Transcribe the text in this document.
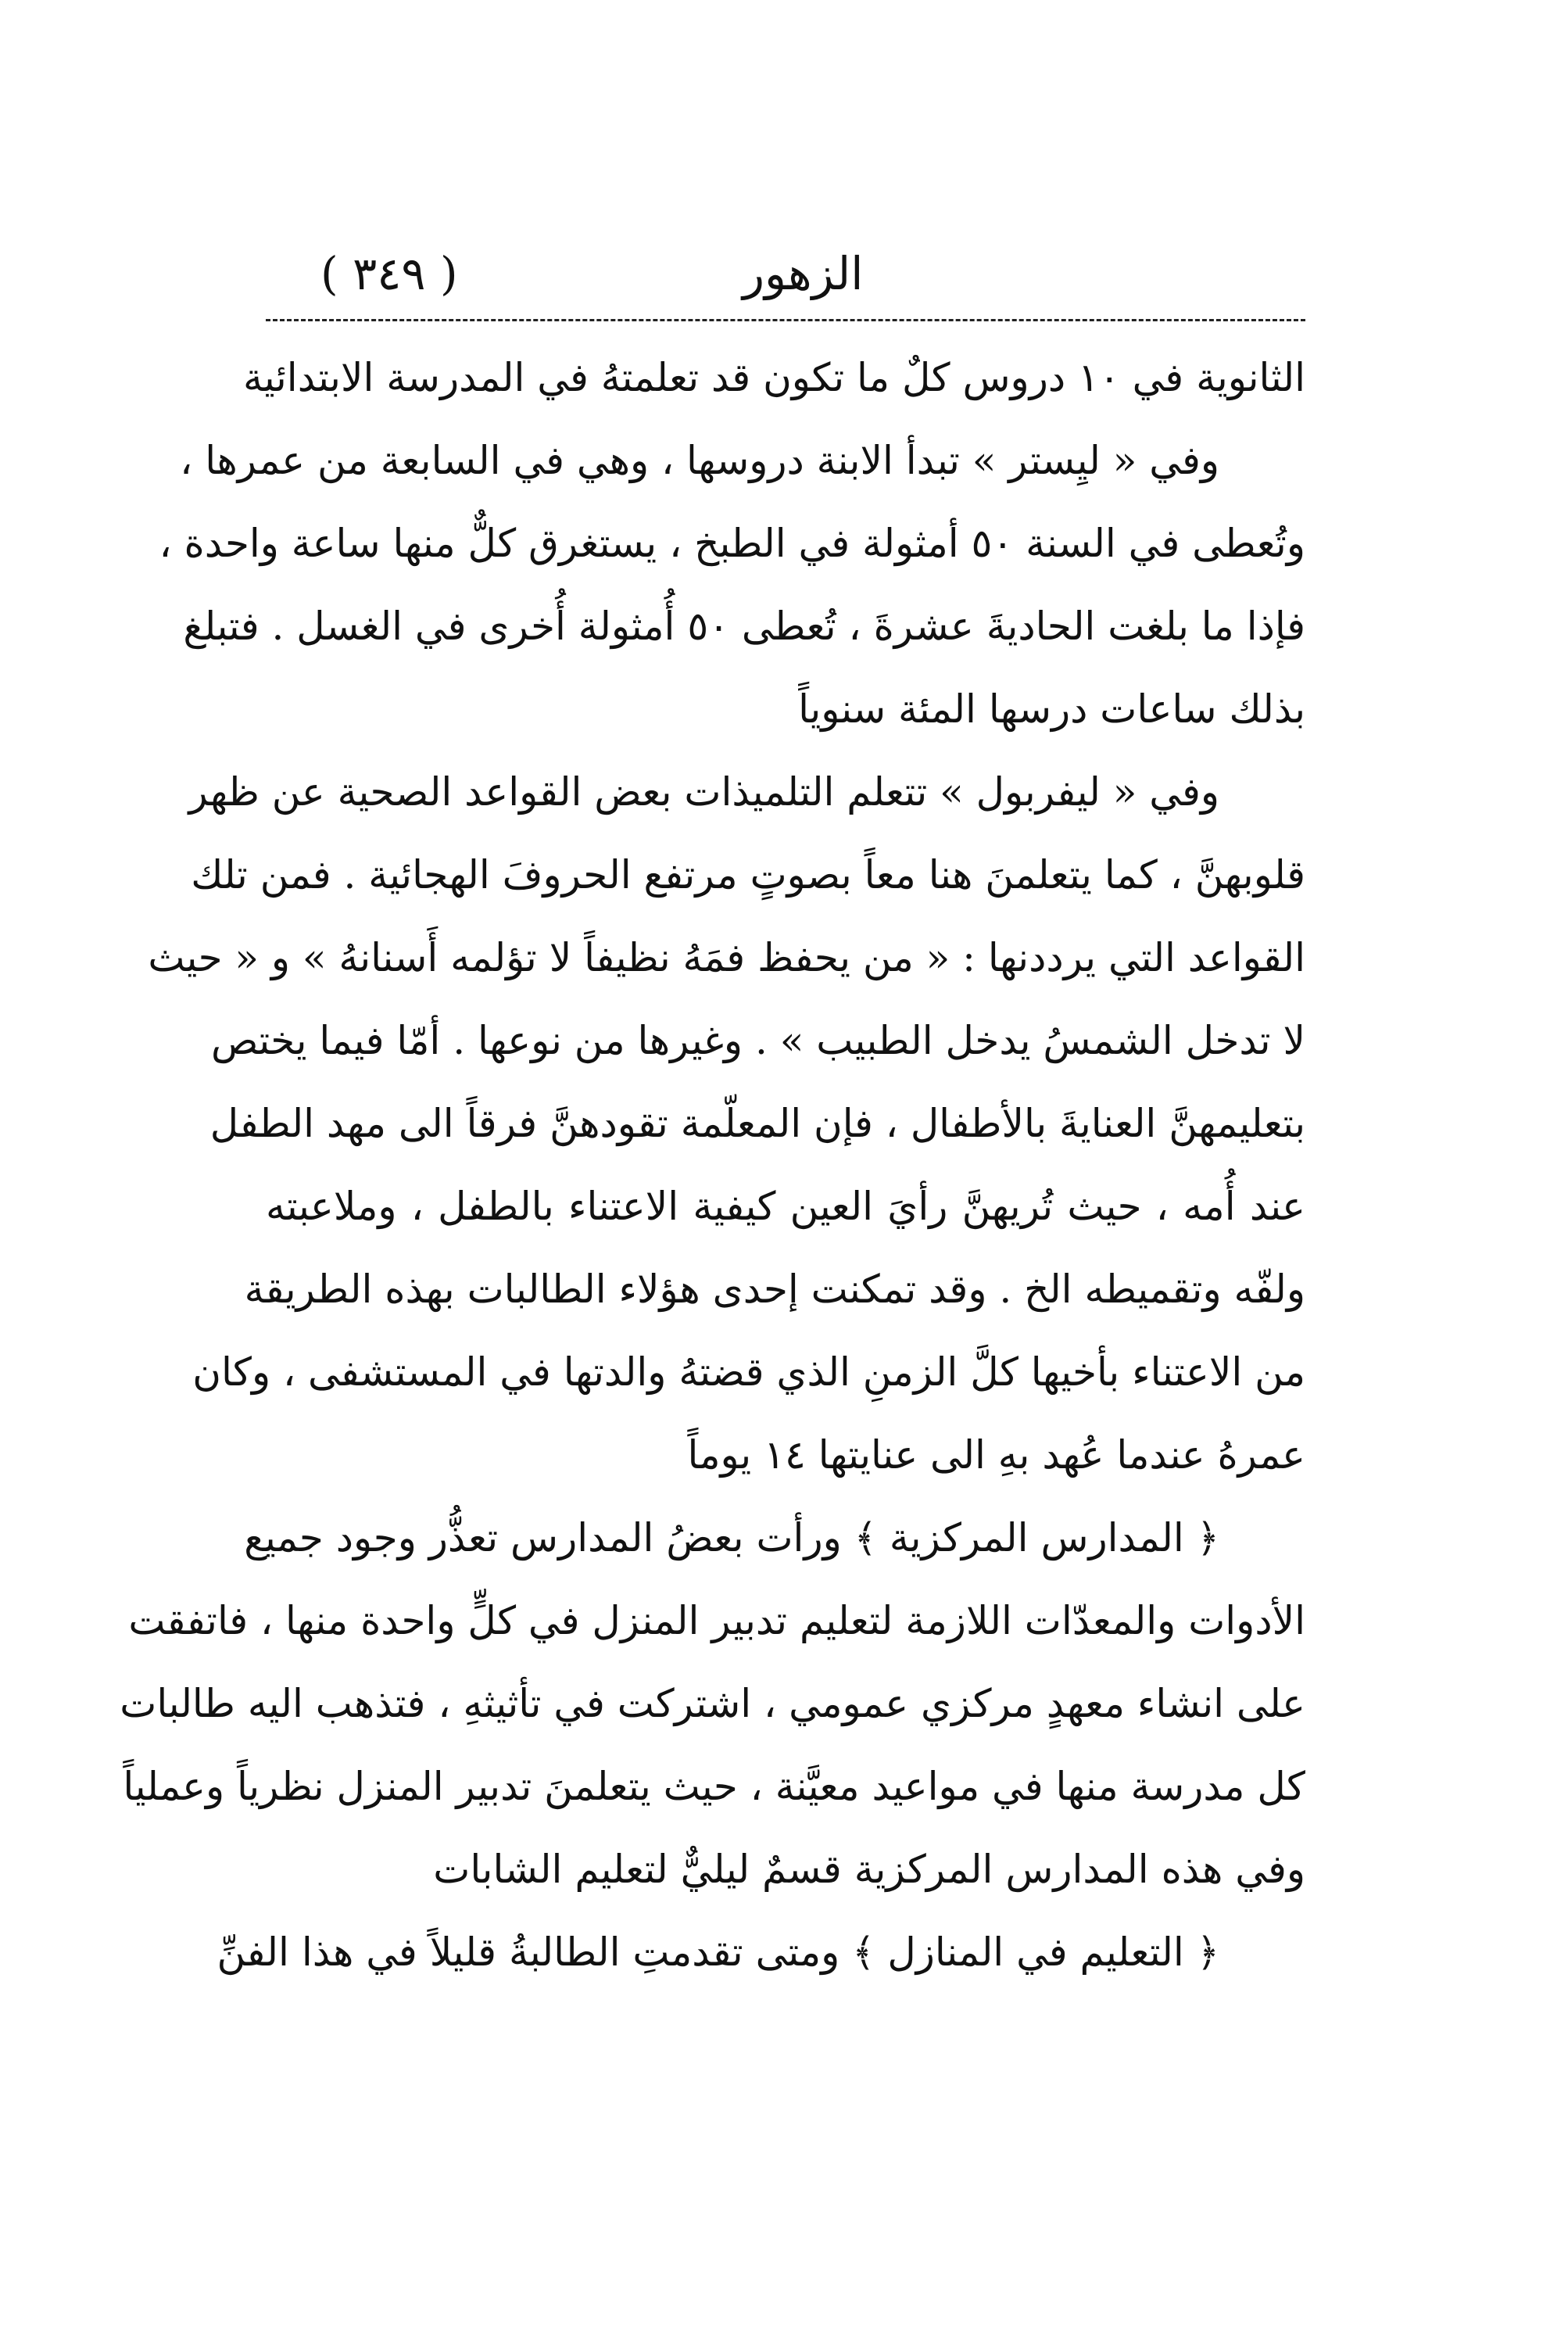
( ٣٤٩ )	الزهور
الثانوية في ١٠ دروس كلٌ ما تكون قد تعلمتهُ في المدرسة الابتدائية
وفي « ليِستر » تبدأ الابنة دروسها ، وهي في السابعة من عمرها ،
وتُعطى في السنة ٥٠ أمثولة في الطبخ ، يستغرق كلٌّ منها ساعة واحدة ،
فإذا ما بلغت الحاديةَ عشرةَ ، تُعطى ٥٠ أُمثولة أُخرى في الغسل . فتبلغ
بذلك ساعات درسها المئة سنوياً
وفي « ليفربول » تتعلم التلميذات بعض القواعد الصحية عن ظهر
قلوبهنَّ ، كما يتعلمنَ هنا معاً بصوتٍ مرتفع الحروفَ الهجائية . فمن تلك
القواعد التي يرددنها : « من يحفظ فمَهُ نظيفاً لا تؤلمه أَسنانهُ » و « حيث
لا تدخل الشمسُ يدخل الطبيب » . وغيرها من نوعها . أمّا فيما يختص
بتعليمهنَّ العنايةَ بالأطفال ، فإن المعلّمة تقودهنَّ فرقاً الى مهد الطفل
عند أُمه ، حيث تُريهنَّ رأيَ العين كيفية الاعتناء بالطفل ، وملاعبته
ولفّه وتقميطه الخ . وقد تمكنت إحدى هؤلاء الطالبات بهذه الطريقة
من الاعتناء بأخيها كلَّ الزمنِ الذي قضتهُ والدتها في المستشفى ، وكان
عمرهُ عندما عُهد بهِ الى عنايتها ١٤ يوماً
﴿ المدارس المركزية ﴾ ورأت بعضُ المدارس تعذُّر وجود جميع
الأدوات والمعدّات اللازمة لتعليم تدبير المنزل في كلٍّ واحدة منها ، فاتفقت
على انشاء معهدٍ مركزي عمومي ، اشتركت في تأثيثهِ ، فتذهب اليه طالبات
كل مدرسة منها في مواعيد معيَّنة ، حيث يتعلمنَ تدبير المنزل نظرياً وعملياً
وفي هذه المدارس المركزية قسمٌ ليليٌّ لتعليم الشابات
﴿ التعليم في المنازل ﴾ ومتى تقدمتِ الطالبةُ قليلاً في هذا الفنِّ
